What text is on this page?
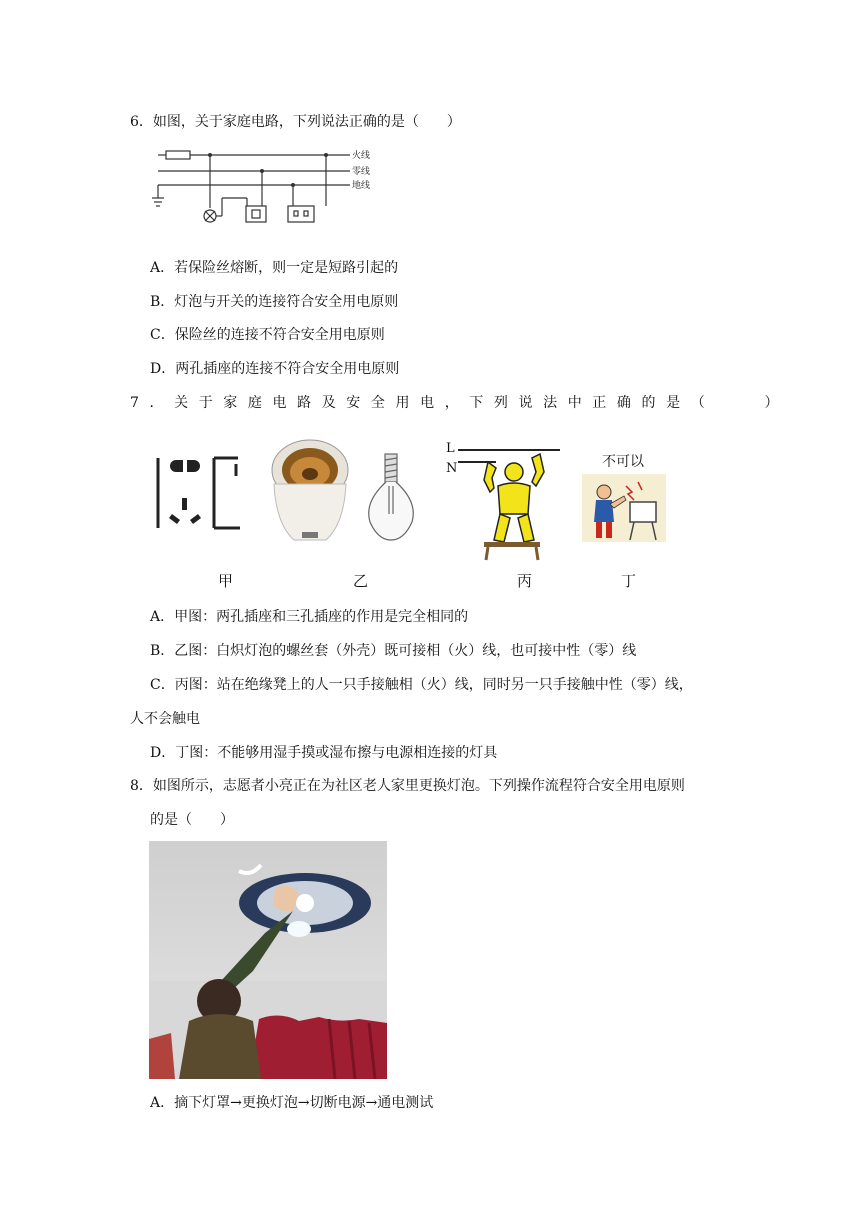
6．如图，关于家庭电路，下列说法正确的是（　　）
火线
零线
地线
A．若保险丝熔断，则一定是短路引起的
B．灯泡与开关的连接符合安全用电原则
C．保险丝的连接不符合安全用电原则
D．两孔插座的连接不符合安全用电原则
7．关于家庭电路及安全用电，下列说法中正确的是（　　）
L
N	不可以
甲	乙	丙	丁
A．甲图：两孔插座和三孔插座的作用是完全相同的
B．乙图：白炽灯泡的螺丝套（外壳）既可接相（火）线，也可接中性（零）线
C．丙图：站在绝缘凳上的人一只手接触相（火）线，同时另一只手接触中性（零）线，
人不会触电
D．丁图：不能够用湿手摸或湿布擦与电源相连接的灯具
8．如图所示，志愿者小亮正在为社区老人家里更换灯泡。下列操作流程符合安全用电原则
的是（　　）
A．摘下灯罩→更换灯泡→切断电源→通电测试
